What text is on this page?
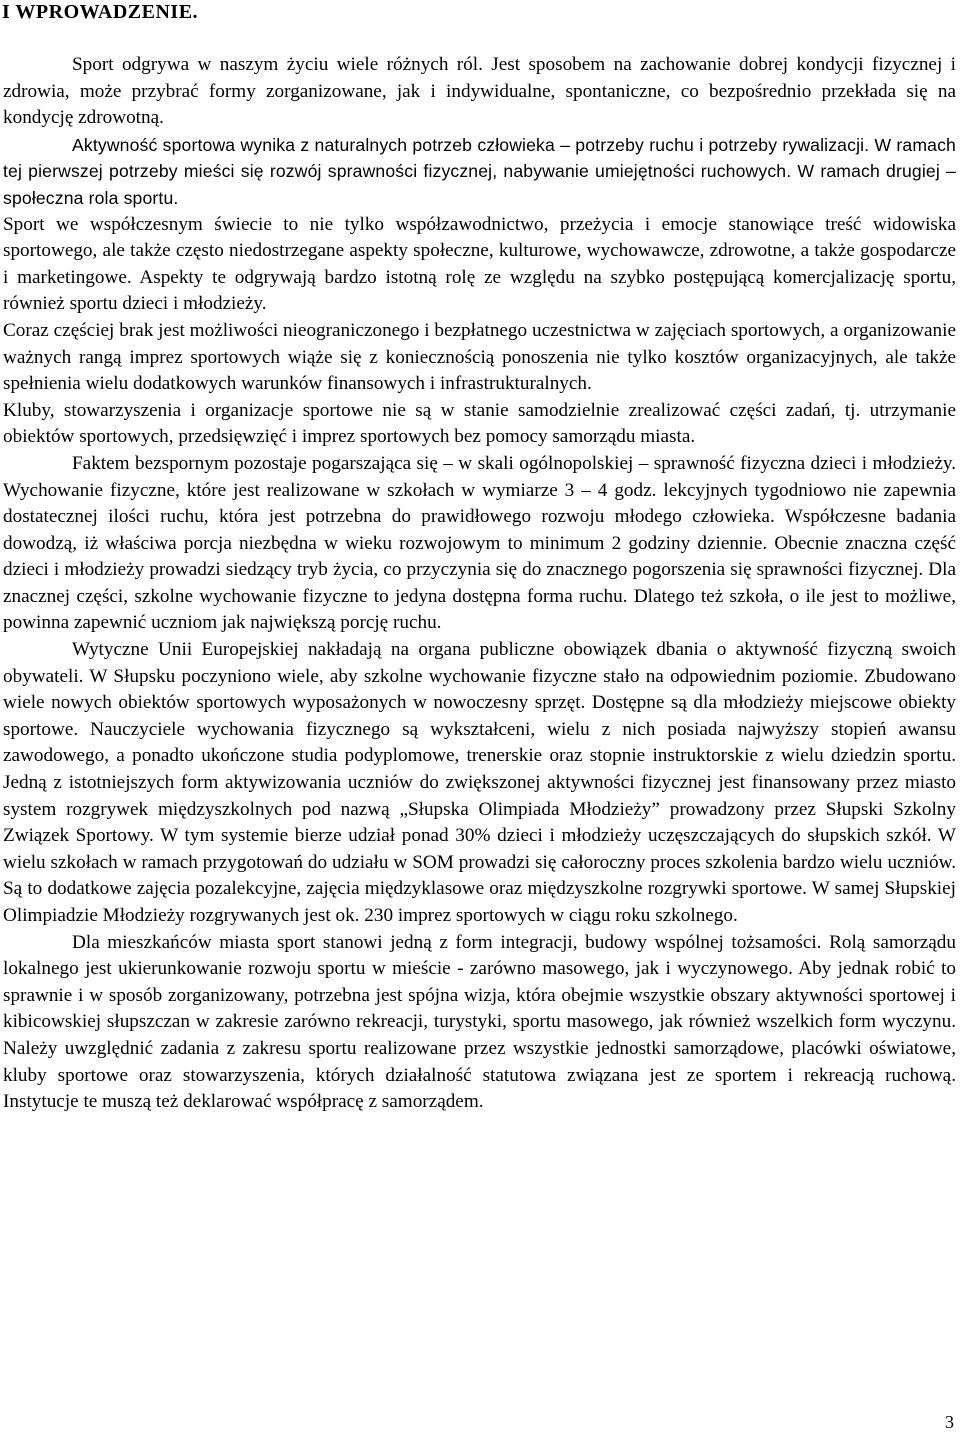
I WPROWADZENIE.

Sport odgrywa w naszym życiu wiele różnych ról. Jest sposobem na zachowanie dobrej kondycji fizycznej i zdrowia, może przybrać formy zorganizowane, jak i indywidualne, spontaniczne, co bezpośrednio przekłada się na kondycję zdrowotną.

Aktywność sportowa wynika z naturalnych potrzeb człowieka – potrzeby ruchu i potrzeby rywalizacji. W ramach tej pierwszej potrzeby mieści się rozwój sprawności fizycznej, nabywanie umiejętności ruchowych. W ramach drugiej – społeczna rola sportu.

Sport we współczesnym świecie to nie tylko współzawodnictwo, przeżycia i emocje stanowiące treść widowiska sportowego, ale także często niedostrzegane aspekty społeczne, kulturowe, wychowawcze, zdrowotne, a także gospodarcze i marketingowe. Aspekty te odgrywają bardzo istotną rolę ze względu na szybko postępującą komercjalizację sportu, również sportu dzieci i młodzieży.

Coraz częściej brak jest możliwości nieograniczonego i bezpłatnego uczestnictwa w zajęciach sportowych, a organizowanie ważnych rangą imprez sportowych wiąże się z koniecznością ponoszenia nie tylko kosztów organizacyjnych, ale także spełnienia wielu dodatkowych warunków finansowych i infrastrukturalnych.

Kluby, stowarzyszenia i organizacje sportowe nie są w stanie samodzielnie zrealizować części zadań, tj. utrzymanie obiektów sportowych, przedsięwzięć i imprez sportowych bez pomocy samorządu miasta.

Faktem bezspornym pozostaje pogarszająca się – w skali ogólnopolskiej – sprawność fizyczna dzieci i młodzieży. Wychowanie fizyczne, które jest realizowane w szkołach w wymiarze 3 – 4 godz. lekcyjnych tygodniowo nie zapewnia dostatecznej ilości ruchu, która jest potrzebna do prawidłowego rozwoju młodego człowieka. Współczesne badania dowodzą, iż właściwa porcja niezbędna w wieku rozwojowym to minimum 2 godziny dziennie. Obecnie znaczna część dzieci i młodzieży prowadzi siedzący tryb życia, co przyczynia się do znacznego pogorszenia się sprawności fizycznej. Dla znacznej części, szkolne wychowanie fizyczne to jedyna dostępna forma ruchu. Dlatego też szkoła, o ile jest to możliwe, powinna zapewnić uczniom jak największą porcję ruchu.

Wytyczne Unii Europejskiej nakładają na organa publiczne obowiązek dbania o aktywność fizyczną swoich obywateli. W Słupsku poczyniono wiele, aby szkolne wychowanie fizyczne stało na odpowiednim poziomie. Zbudowano wiele nowych obiektów sportowych wyposażonych w nowoczesny sprzęt. Dostępne są dla młodzieży miejscowe obiekty sportowe. Nauczyciele wychowania fizycznego są wykształceni, wielu z nich posiada najwyższy stopień awansu zawodowego, a ponadto ukończone studia podyplomowe, trenerskie oraz stopnie instruktorskie z wielu dziedzin sportu. Jedną z istotniejszych form aktywizowania uczniów do zwiększonej aktywności fizycznej jest finansowany przez miasto system rozgrywek międzyszkolnych pod nazwą „Słupska Olimpiada Młodzieży” prowadzony przez Słupski Szkolny Związek Sportowy. W tym systemie bierze udział ponad 30% dzieci i młodzieży uczęszczających do słupskich szkół. W wielu szkołach w ramach przygotowań do udziału w SOM prowadzi się całoroczny proces szkolenia bardzo wielu uczniów. Są to dodatkowe zajęcia pozalekcyjne, zajęcia międzyklasowe oraz międzyszkolne rozgrywki sportowe. W samej Słupskiej Olimpiadzie Młodzieży rozgrywanych jest ok. 230 imprez sportowych w ciągu roku szkolnego.

Dla mieszkańców miasta sport stanowi jedną z form integracji, budowy wspólnej tożsamości. Rolą samorządu lokalnego jest ukierunkowanie rozwoju sportu w mieście - zarówno masowego, jak i wyczynowego. Aby jednak robić to sprawnie i w sposób zorganizowany, potrzebna jest spójna wizja, która obejmie wszystkie obszary aktywności sportowej i kibicowskiej słupszczan w zakresie zarówno rekreacji, turystyki, sportu masowego, jak również wszelkich form wyczynu. Należy uwzględnić zadania z zakresu sportu realizowane przez wszystkie jednostki samorządowe, placówki oświatowe, kluby sportowe oraz stowarzyszenia, których działalność statutowa związana jest ze sportem i rekreacją ruchową. Instytucje te muszą też deklarować współpracę z samorządem.

3
